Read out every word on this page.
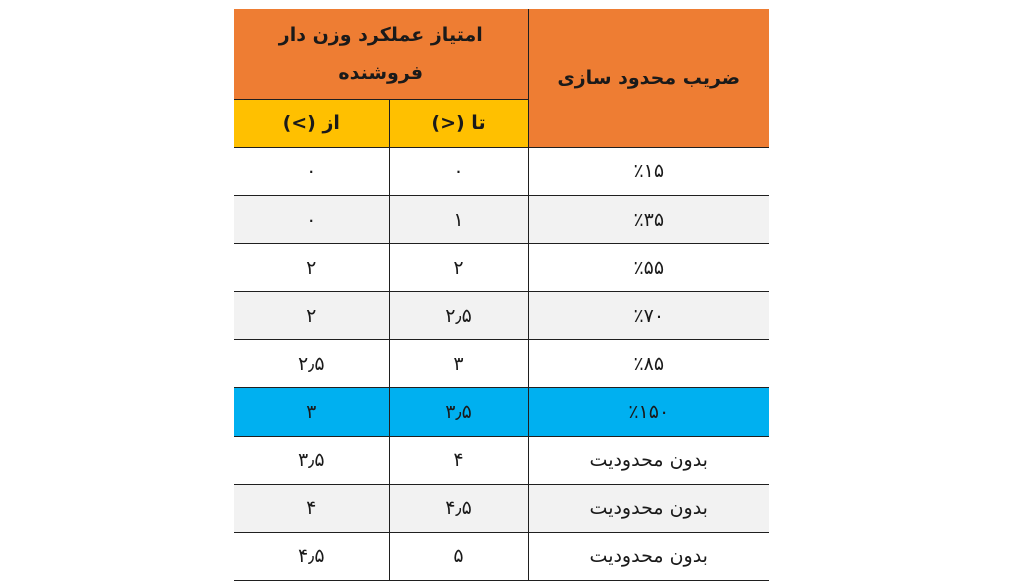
ضریب محدود سازی	امتیاز عملکرد وزن دار فروشنده	
	تا (<)	از (>)
٪۱۵	۰	۰
٪۳۵	۱	۰
٪۵۵	۲	۲
٪۷۰	۲٫۵	۲
٪۸۵	۳	۲٫۵
٪۱۵۰	۳٫۵	۳
بدون محدودیت	۴	۳٫۵
بدون محدودیت	۴٫۵	۴
بدون محدودیت	۵	۴٫۵
